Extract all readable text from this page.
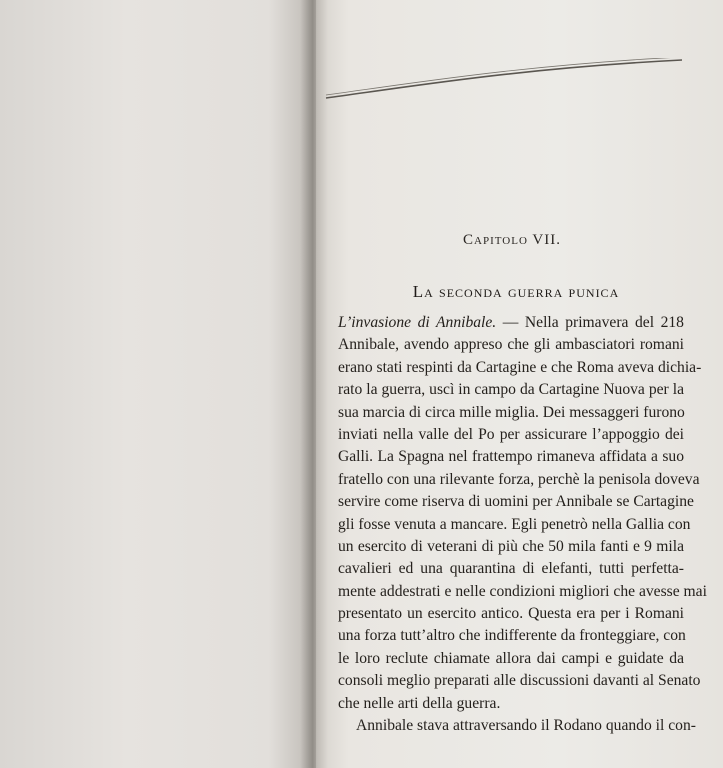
Capitolo VII.
La seconda guerra punica
L’invasione di Annibale. — Nella primavera del 218
Annibale, avendo appreso che gli ambasciatori romani
erano stati respinti da Cartagine e che Roma aveva dichia-
rato la guerra, uscì in campo da Cartagine Nuova per la
sua marcia di circa mille miglia. Dei messaggeri furono
inviati nella valle del Po per assicurare l’appoggio dei
Galli. La Spagna nel frattempo rimaneva affidata a suo
fratello con una rilevante forza, perchè la penisola doveva
servire come riserva di uomini per Annibale se Cartagine
gli fosse venuta a mancare. Egli penetrò nella Gallia con
un esercito di veterani di più che 50 mila fanti e 9 mila
cavalieri ed una quarantina di elefanti, tutti perfetta-
mente addestrati e nelle condizioni migliori che avesse mai
presentato un esercito antico. Questa era per i Romani
una forza tutt’altro che indifferente da fronteggiare, con
le loro reclute chiamate allora dai campi e guidate da
consoli meglio preparati alle discussioni davanti al Senato
che nelle arti della guerra.
Annibale stava attraversando il Rodano quando il con-
